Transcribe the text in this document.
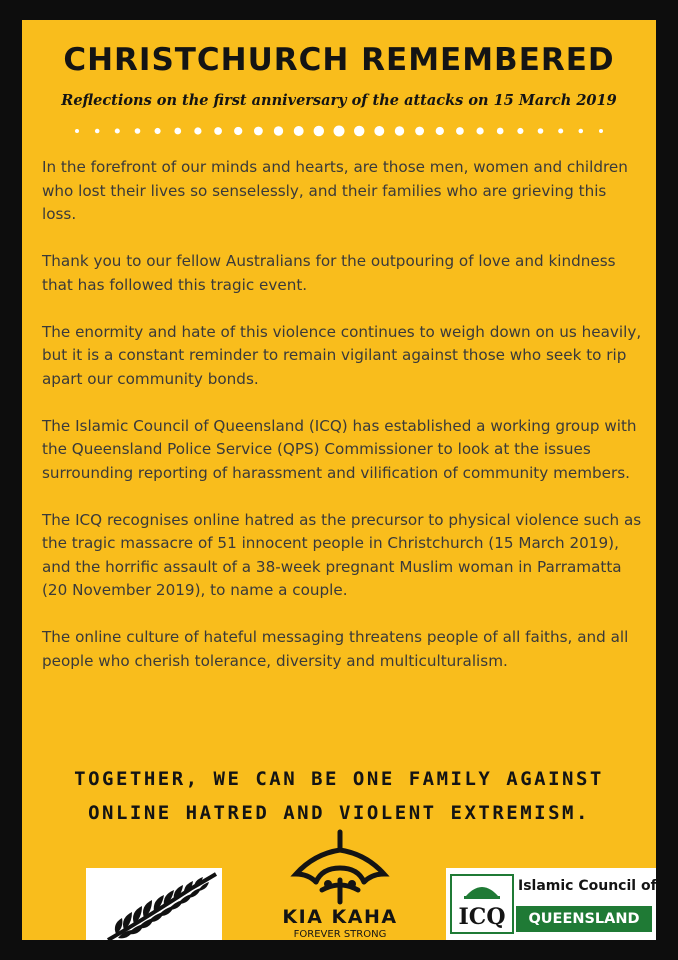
CHRISTCHURCH REMEMBERED
Reflections on the first anniversary of the attacks on 15 March 2019

In the forefront of our minds and hearts, are those men, women and children who lost their lives so senselessly, and their families who are grieving this loss.

Thank you to our fellow Australians for the outpouring of love and kindness that has followed this tragic event.

The enormity and hate of this violence continues to weigh down on us heavily, but it is a constant reminder to remain vigilant against those who seek to rip apart our community bonds.

The Islamic Council of Queensland (ICQ) has established a working group with the Queensland Police Service (QPS) Commissioner to look at the issues surrounding reporting of harassment and vilification of community members.

The ICQ recognises online hatred as the precursor to physical violence such as the tragic massacre of 51 innocent people in Christchurch (15 March 2019), and the horrific assault of a 38-week pregnant Muslim woman in Parramatta (20 November 2019), to name a couple.

The online culture of hateful messaging threatens people of all faiths, and all people who cherish tolerance, diversity and multiculturalism.

TOGETHER, WE CAN BE ONE FAMILY AGAINST
ONLINE HATRED AND VIOLENT EXTREMISM.
KIA KAHA
FOREVER STRONG
ICQ
Islamic Council of
QUEENSLAND
